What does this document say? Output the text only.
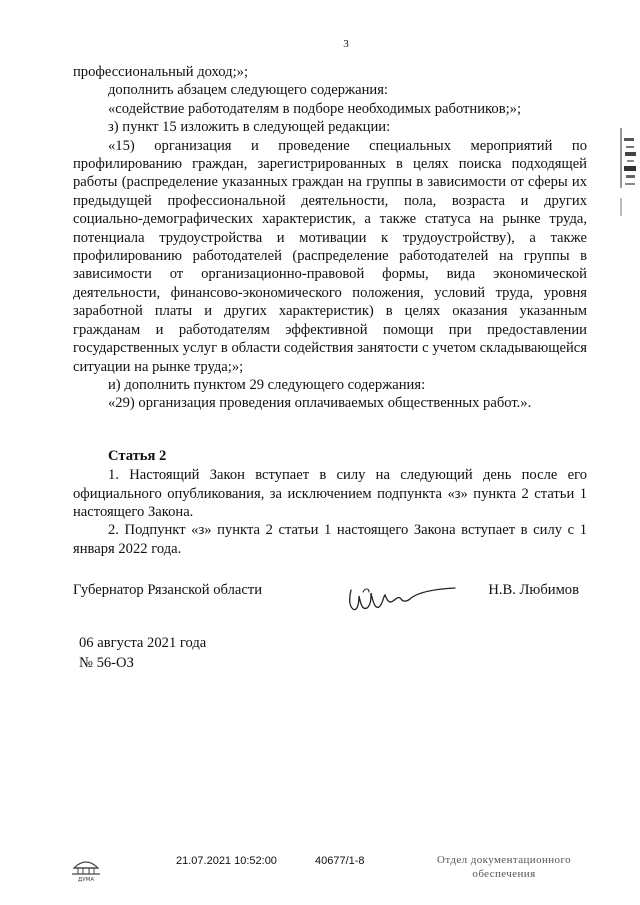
3

профессиональный доход;»;

дополнить абзацем следующего содержания:

«содействие работодателям в подборе необходимых работников;»;

з) пункт 15 изложить в следующей редакции:

«15) организация и проведение специальных мероприятий по профилированию граждан, зарегистрированных в целях поиска подходящей работы (распределение указанных граждан на группы в зависимости от сферы их предыдущей профессиональной деятельности, пола, возраста и других социально-демографических характеристик, а также статуса на рынке труда, потенциала трудоустройства и мотивации к трудоустройству), а также профилированию работодателей (распределение работодателей на группы в зависимости от организационно-правовой формы, вида экономической деятельности, финансово-экономического положения, условий труда, уровня заработной платы и других характеристик) в целях оказания указанным гражданам и работодателям эффективной помощи при предоставлении государственных услуг в области содействия занятости с учетом складывающейся ситуации на рынке труда;»;

и) дополнить пунктом 29 следующего содержания:

«29) организация проведения оплачиваемых общественных работ.».

Статья 2

1. Настоящий Закон вступает в силу на следующий день после его официального опубликования, за исключением подпункта «з» пункта 2 статьи 1 настоящего Закона.

2. Подпункт «з» пункта 2 статьи 1 настоящего Закона вступает в силу с 1 января 2022 года.

Губернатор Рязанской области	Н.В. Любимов
06 августа 2021 года
№ 56-ОЗ
ДУМА
21.07.2021 10:52:00	40677/1-8	Отдел документационного
обеспечения
